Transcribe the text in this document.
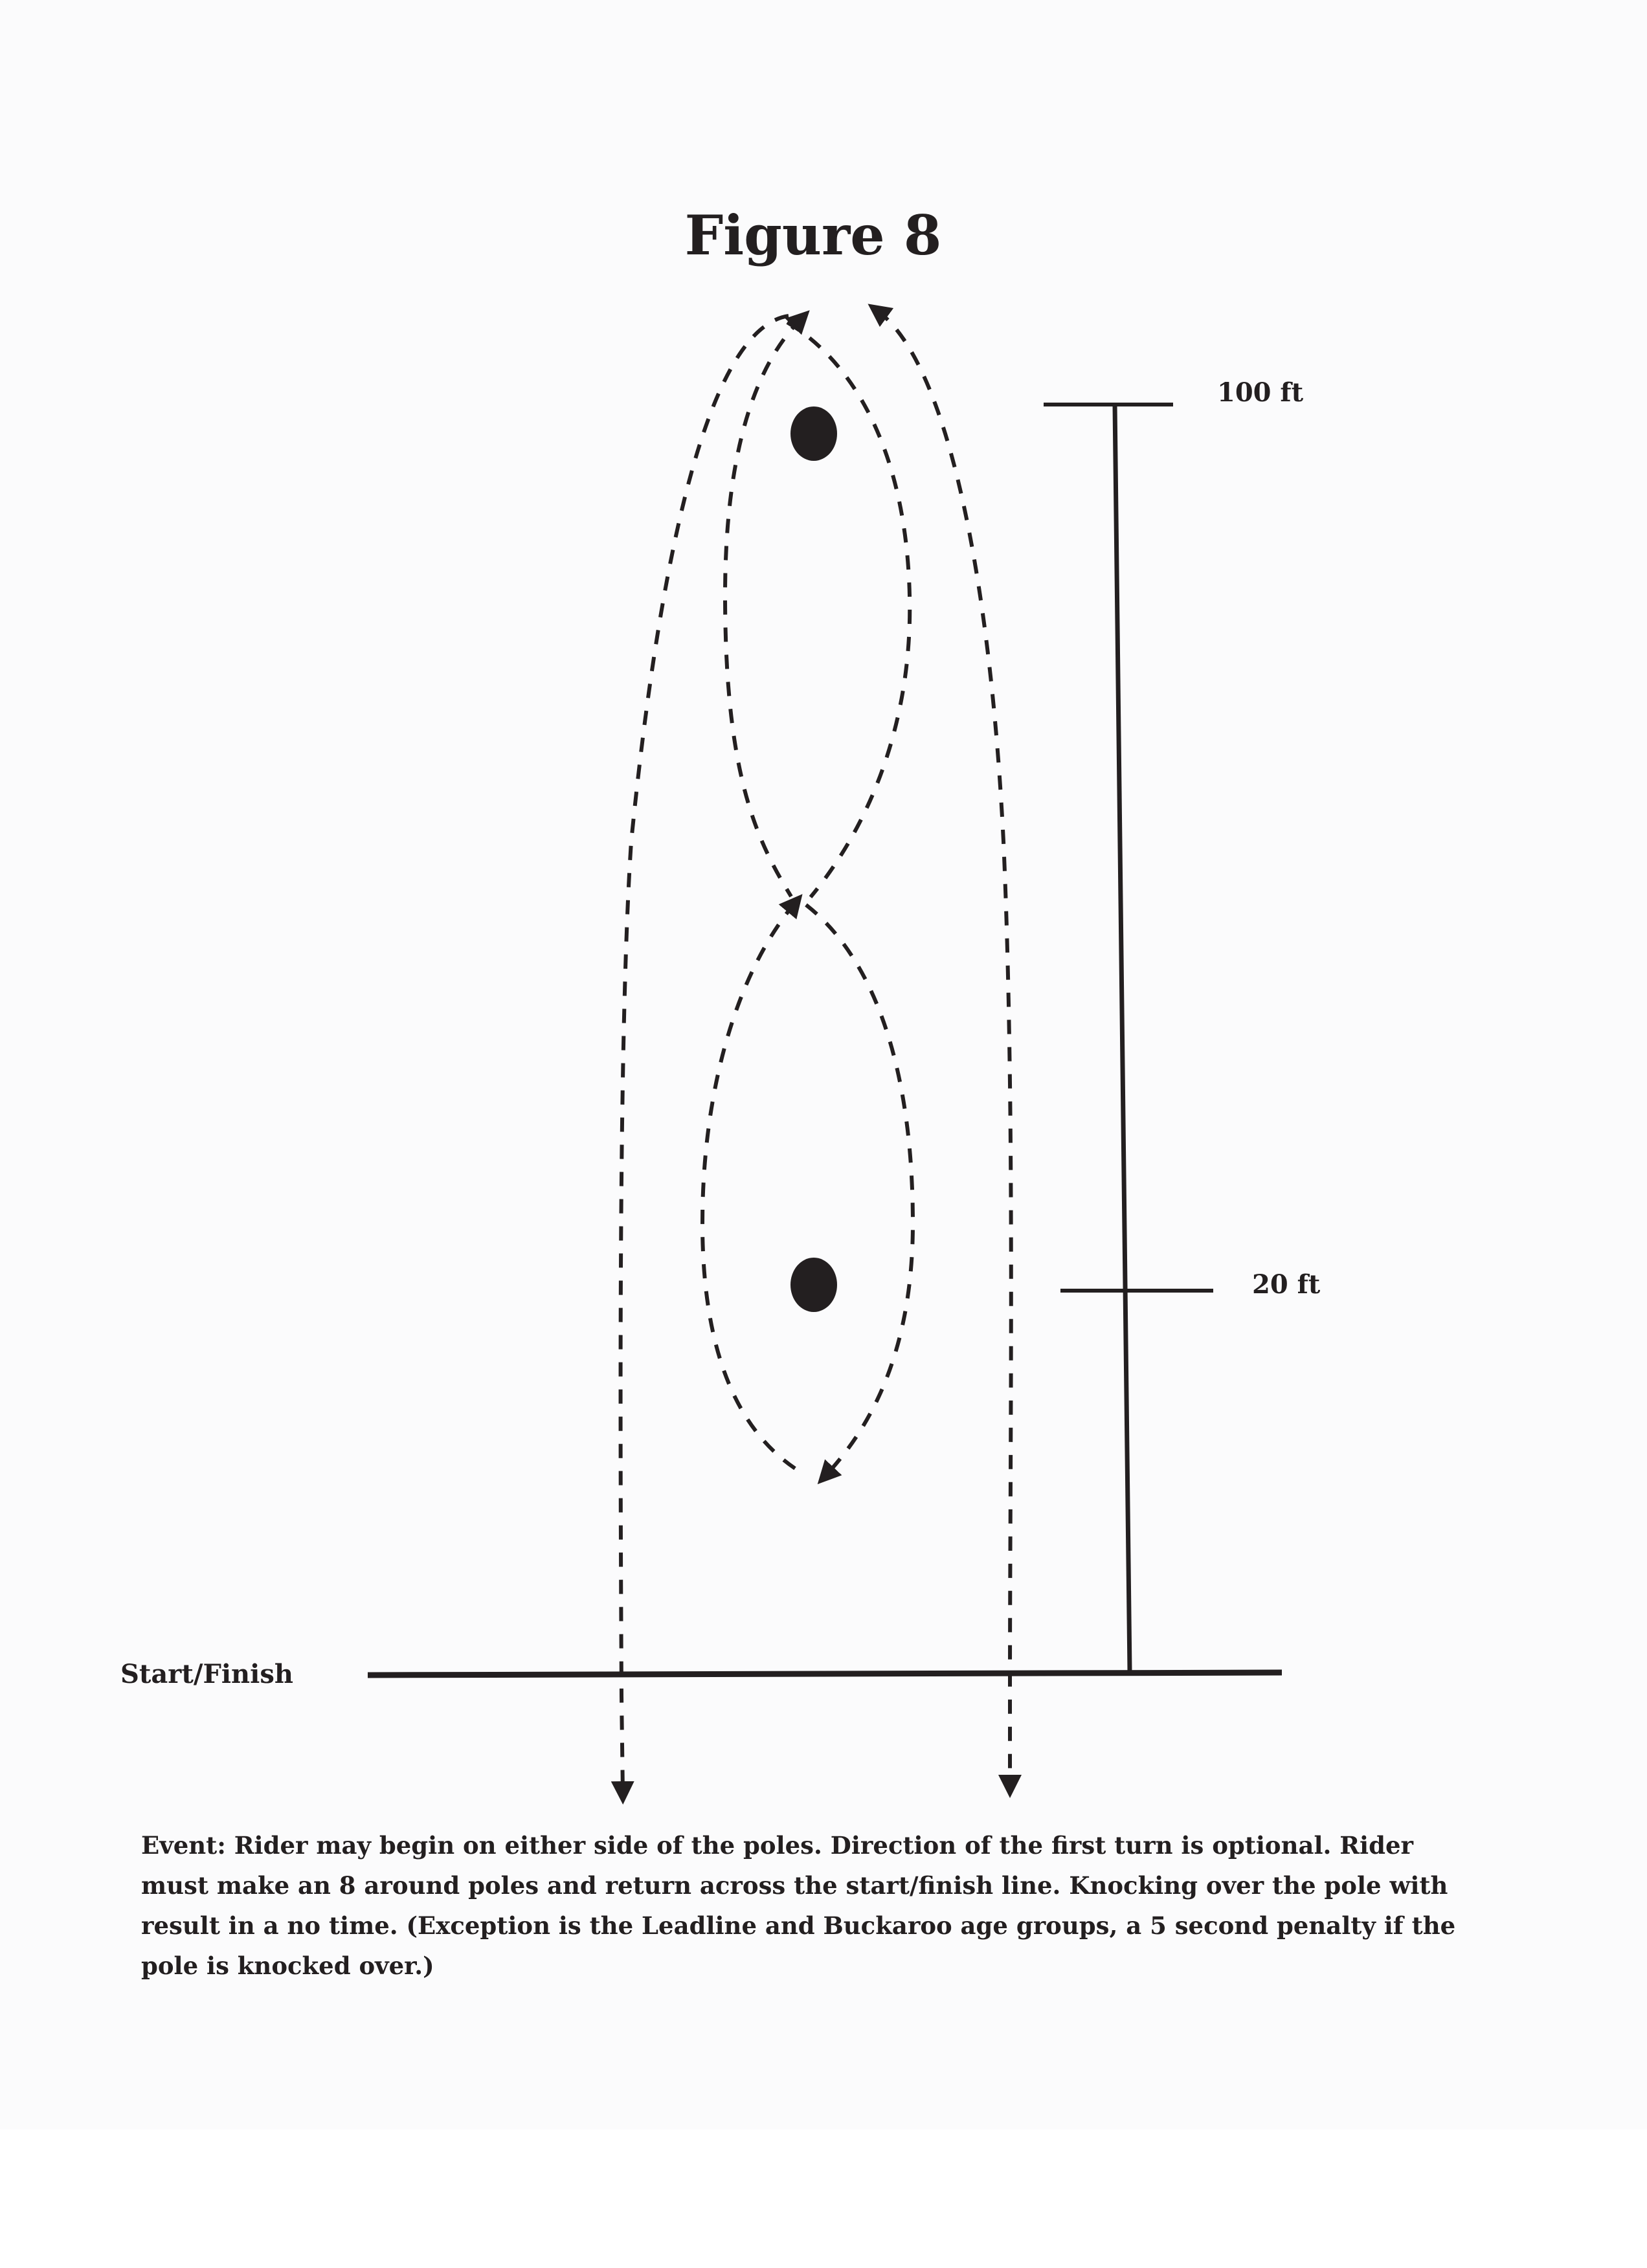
Figure 8
100 ft
20 ft
Start/Finish

Event: Rider may begin on either side of the poles. Direction of the first turn is optional. Rider must make an 8 around poles and return across the start/finish line. Knocking over the pole with result in a no time. (Exception is the Leadline and Buckaroo age groups, a 5 second penalty if the pole is knocked over.)
